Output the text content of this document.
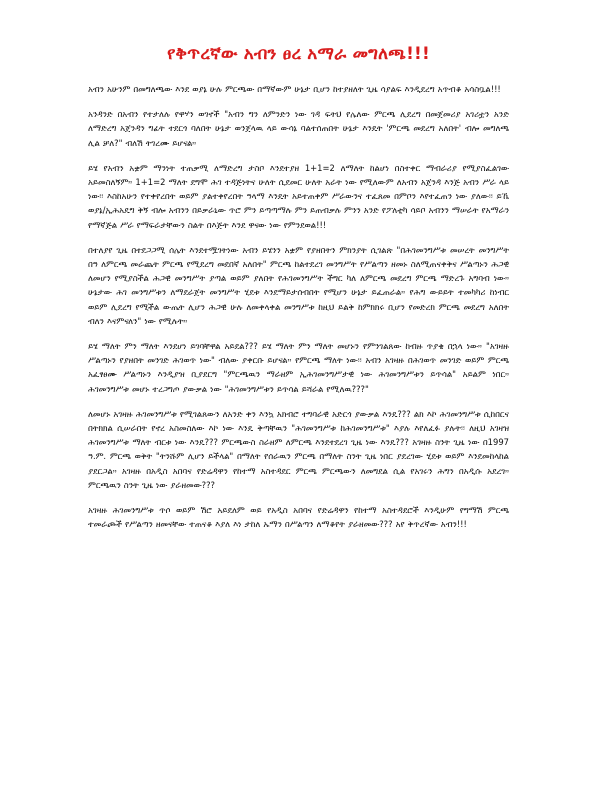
የቅጥረኛው አብን ፀረ አማራ መግለጫ!!!

አብን አሁንም በመግለጫው እንደ ወያኔ ሁሉ ምርጫው በማኛውም ሁኔታ ቢሆን ከተያዘለት ጊዜ ሳያልፍ እንዲደረግ አጥብቆ አሳስቧል!!!

አንዳንድ በአብን የተታለሉ የዋሃን ወገኖች "አብን ግን ለምንድን ነው ገዳ ፍትህ የሌለው ምርጫ ሊደረግ በመጀመሪያ አገሪቷን አንድ ለማድረግ አጀንዳን ግፊት ተደርጎ ባለበት ሁኔታ ወንጀላዉ ላይ ውሳኔ ባልተሰጠበት ሁኔታ እንዴት 'ምርጫ መደረግ አለበት' ብሎ መግለጫ ሊል ቻለ?" ብለሽ ትገረሙ ይሆናል።

ይሄ የአብን አቋም ማንነት ተጠቃሚ ለማድረግ ታስቦ እንደተያዘ 1+1=2 ለማለት ከልሆነ በስተቀር ማብራሪያ የሚያስፈልገው አይመስለኝም። 1+1=2 ማለት ደግሞ ሕገ ተዳጅነትና ሁለት ሲደመር ሁለት አራት ነው የሚለውም ለአብን አጀንዳ እንጅ አብን ሥራ ላይ ነው፡፡ እስከአሁን የተቀየረበት ወይም ያልተቀየረበት ዓላማ እንዴት አይተጠቀም ሥራውንና ተፈጸመ በምቦን እየተፈጠን ነው ያለው፡፡ ይኼ ወያኔ/ኢሕአዴግ ቅኝ ብሎ አብንን በይቃራኒው ጥሮ ምን ይጣጣማሉ ምን ይጠብቃሉ ምንን አንድ የፖለቲካ ሳይቦ አብንን ማሠራት የአማራን የማኛጅል ሥራ የማፍራታቸውን ስልት በእጅት እንደ ዋናው ነው የምንደወል!!!

በተለያየ ጊዜ በተደጋጋሚ ሰሌት እንደተሟገትነው አብን ይሄንን አቋም የያዘበትን ምክንያት ሲገልጽ "በሕገመንግሥቱ መሠረት መንግሥት በዓ ለምርጫ መራጨት ምርጫ የሚደረግ መደበኛ አለበት" ምርጫ ከልተደረገ መንግሥት የሥልጣን ዘመኑ ስለሚጠናቀቅና ሥልጣኑን ሕጋዊ ለመሆን የሚያስችል ሕጋዊ መንግሥት ያጣል ወይም ያለበት የሕገመንግሥት ችግር ካለ ለምርጫ መደረግ ምርጫ ማድረጉ አግባብ ነው። ሁኔታው ሕገ መንግሥቱን ለማደራጀት መንግሥት ሂደቱ እንደማይታሰብበት የሚሆን ሁኔታ ይፈጠራል። የሕግ ውይይት ተመካካሪ ከነብር ወይም ሊደረግ የሚችል ውጤት ሊሆን ሕጋዊ ሁሉ ለመቀላቀል መንግሥቱ ከዚህ ይልቅ ከምክክሩ ቢሆን የመድረክ ምርጫ መደረግ አለበት ብለን እናምናለን" ነው የሚሉት።

ይሄ ማለት ምን ማለት እንደሆነ ይገባቸዋል አይደል??? ይሄ ማለት ምን ማለት መሆኑን የምንገልጸው ከብዙ ጥያቄ በኋላ ነው። "አገዛዙ ሥልጣኑን የያዘበት መንገድ ሕገወጥ ነው" ብለው ያቀርቡ ይሆናል። የምርጫ ማለት ነው፡፡ አብን አገዛዙ በሕገወጥ መንገድ ወይም ምርጫ አፈፃፀሙ ሥልጣኑን እንዲያዝ ቢያደርግ "ምርጫዉን ማራዘም ኢሕገመንግሥታዊ ነው ሕገመንግሥቱን ይጥሳል" አይልም ነበር። ሕገመንግሥቱ መሆኑ ተረጋግጦ ያውቃል ነው "ሕገመንግሥቱን ይጥሳል ይሻራል የሚለዉ???"

ለመሆኑ አገዛዙ ሕገመንግሥቱ የሚገልጸውን ለአንድ ቀን እንኳ አክብሮ ተግባራዊ አድርጎ ያውቃል እንዴ??? ልክ እኮ ሕገመንግሥቱ ሲከበርና በትክክል ሲሠራበት የኖረ አስመስለው እኮ ነው እንዴ ቅጣቸዉን "ሕገመንግሥቱ ከሕገመንግሥቱ" እያሉ እየለፈፉ ያሉት፡፡ ለዚህ አገዛዝ ሕገመንግሥቱ ማለት ብርቱ ነው እንዴ??? ምርጫውስ ስራዘም ለምርጫ እንደተደረገ ጊዜ ነው እንዴ??? አገዛዙ ስንት ጊዜ ነው በ1997 ዓ.ም. ምርጫ ወቅት "ትንሹም ሊሆን ይችላል" በማለት የሰራዉን ምርጫ በማለት ስንት ጊዜ ነበር ያደረገው ሂደቱ ወይም እንደመከላከል ያደርጋል። አገዛዙ በአዲስ አበባና የድሬዳዋን የከተማ አስተዳደር ምርጫ ምርጫውን ለመግደል ሲል የአገሩን ሕግን በአዲሱ አደረገ። ምርጫዉን ስንት ጊዜ ነው ያራዘመው???

አገዛዙ ሕገመንግሥቱ ጥሶ ወይም ሽሮ አይደለም ወይ የአዲስ አበባና የድሬዳዋን የከተማ አስተዳደሮች እንዲሁም የግማሽ ምርጫ ተመራጮች የሥልጣን ዘመናቸው ተጠናቆ እያለ እነ ታከለ ኡማን በሥልጣን ለማቆየት ያራዘመው??? አየ ቅጥረኛው አብን!!!
